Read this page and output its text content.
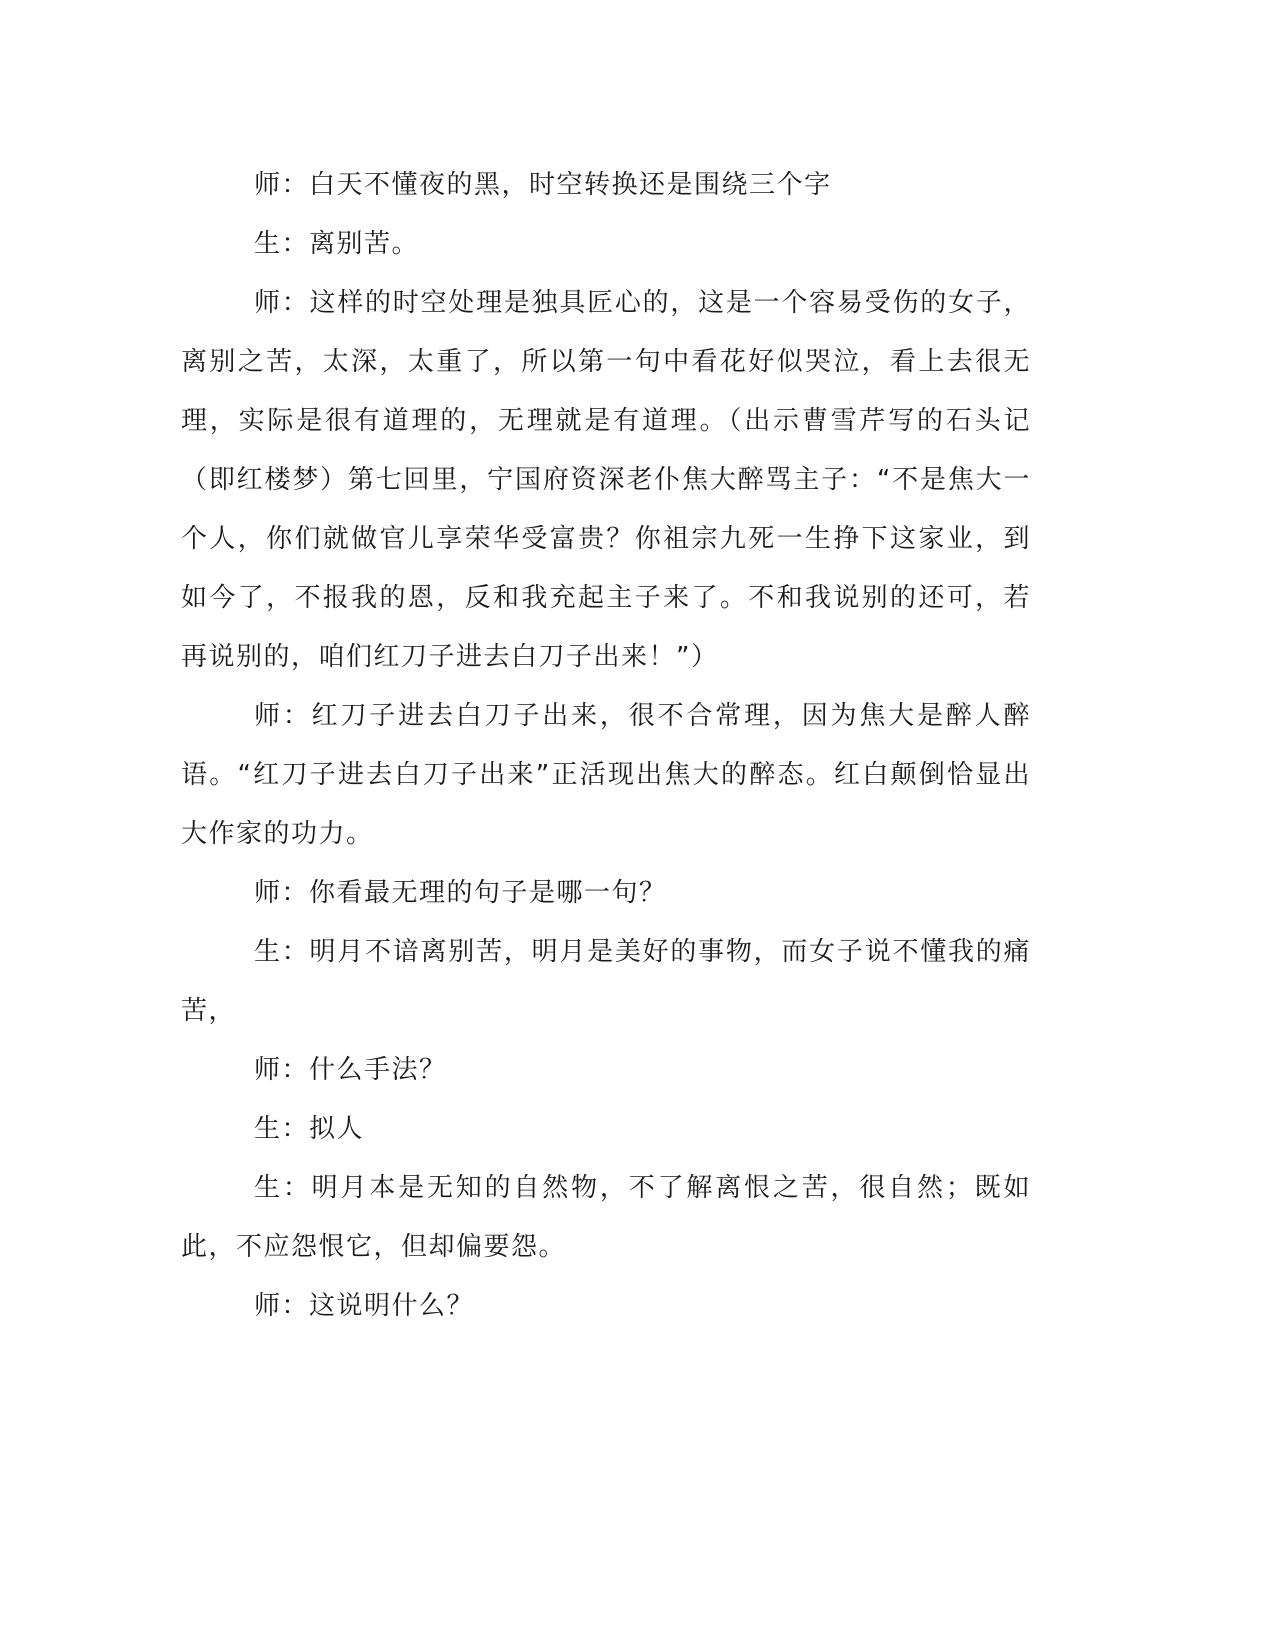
师：白天不懂夜的黑，时空转换还是围绕三个字

生：离别苦。

师：这样的时空处理是独具匠心的，这是一个容易受伤的女子，离别之苦，太深，太重了，所以第一句中看花好似哭泣，看上去很无理，实际是很有道理的，无理就是有道理。（出示曹雪芹写的石头记（即红楼梦）第七回里，宁国府资深老仆焦大醉骂主子：“不是焦大一个人，你们就做官儿享荣华受富贵？你祖宗九死一生挣下这家业，到如今了，不报我的恩，反和我充起主子来了。不和我说别的还可，若再说别的，咱们红刀子进去白刀子出来！”）

师：红刀子进去白刀子出来，很不合常理，因为焦大是醉人醉语。“红刀子进去白刀子出来”正活现出焦大的醉态。红白颠倒恰显出大作家的功力。

师：你看最无理的句子是哪一句？

生：明月不谙离别苦，明月是美好的事物，而女子说不懂我的痛苦，

师：什么手法？

生：拟人

生：明月本是无知的自然物，不了解离恨之苦，很自然；既如此，不应怨恨它，但却偏要怨。

师：这说明什么？
